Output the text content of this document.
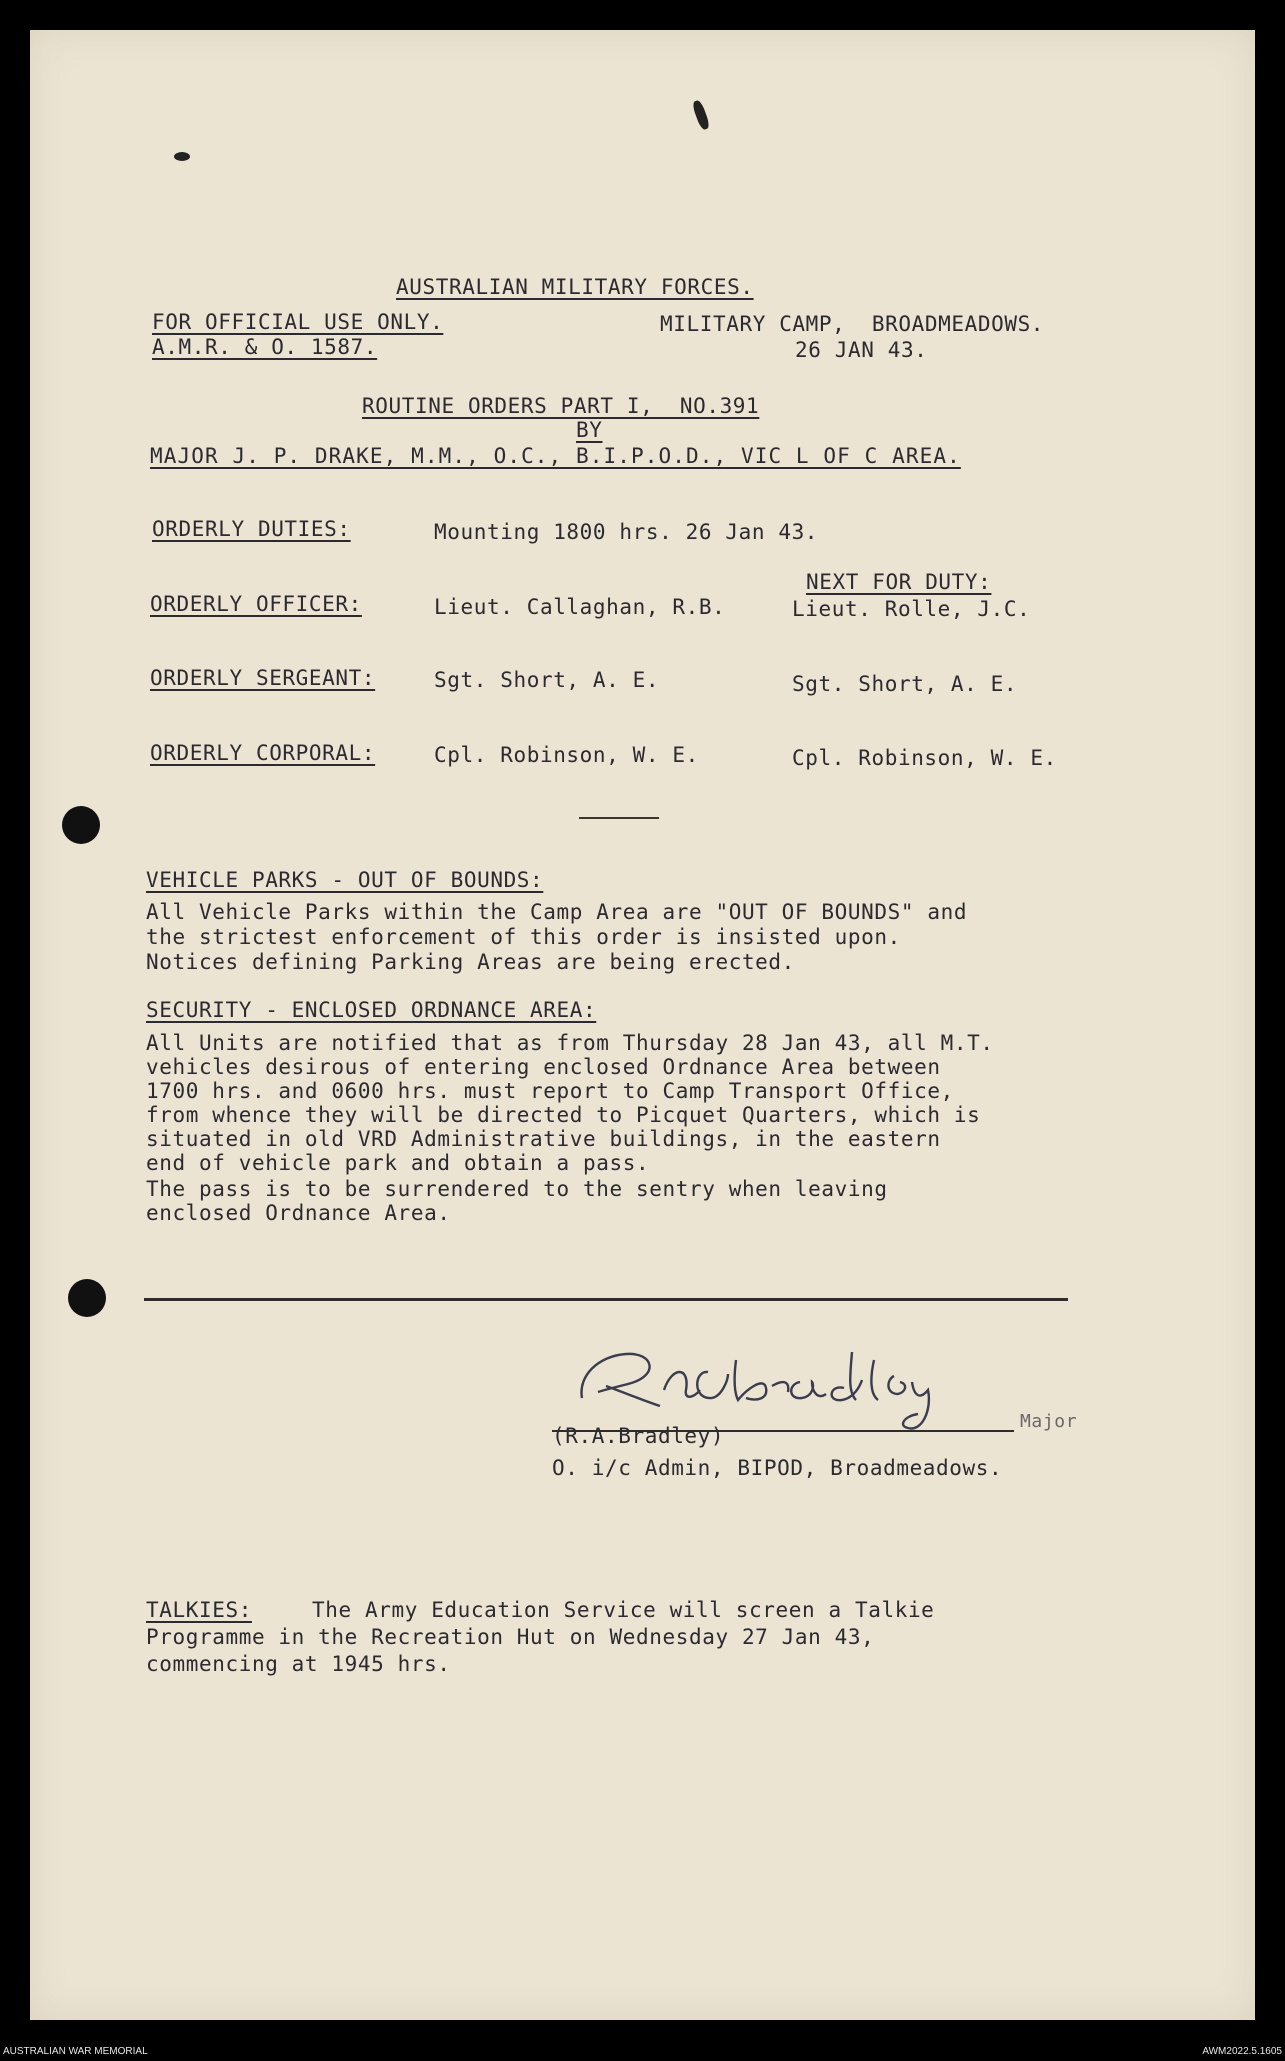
AUSTRALIAN MILITARY FORCES.
FOR OFFICIAL USE ONLY.
A.M.R. & O. 1587.
MILITARY CAMP,  BROADMEADOWS.
26 JAN 43.
ROUTINE ORDERS PART I,  NO.391
BY
MAJOR J. P. DRAKE, M.M., O.C., B.I.P.O.D., VIC L OF C AREA.
ORDERLY DUTIES:	Mounting 1800 hrs. 26 Jan 43.
NEXT FOR DUTY:
ORDERLY OFFICER:	Lieut. Callaghan, R.B.	Lieut. Rolle, J.C.
ORDERLY SERGEANT:	Sgt. Short, A. E.	Sgt. Short, A. E.
ORDERLY CORPORAL:	Cpl. Robinson, W. E.	Cpl. Robinson, W. E.
VEHICLE PARKS - OUT OF BOUNDS:
All Vehicle Parks within the Camp Area are "OUT OF BOUNDS" and
the strictest enforcement of this order is insisted upon.
Notices defining Parking Areas are being erected.
SECURITY - ENCLOSED ORDNANCE AREA:
All Units are notified that as from Thursday 28 Jan 43, all M.T.
vehicles desirous of entering enclosed Ordnance Area between
1700 hrs. and 0600 hrs. must report to Camp Transport Office,
from whence they will be directed to Picquet Quarters, which is
situated in old VRD Administrative buildings, in the eastern
end of vehicle park and obtain a pass.
The pass is to be surrendered to the sentry when leaving
enclosed Ordnance Area.
Major
(R.A.Bradley)
O. i/c Admin, BIPOD, Broadmeadows.
TALKIES:	The Army Education Service will screen a Talkie
Programme in the Recreation Hut on Wednesday 27 Jan 43,
commencing at 1945 hrs.
AUSTRALIAN WAR MEMORIAL	AWM2022.5.1605
